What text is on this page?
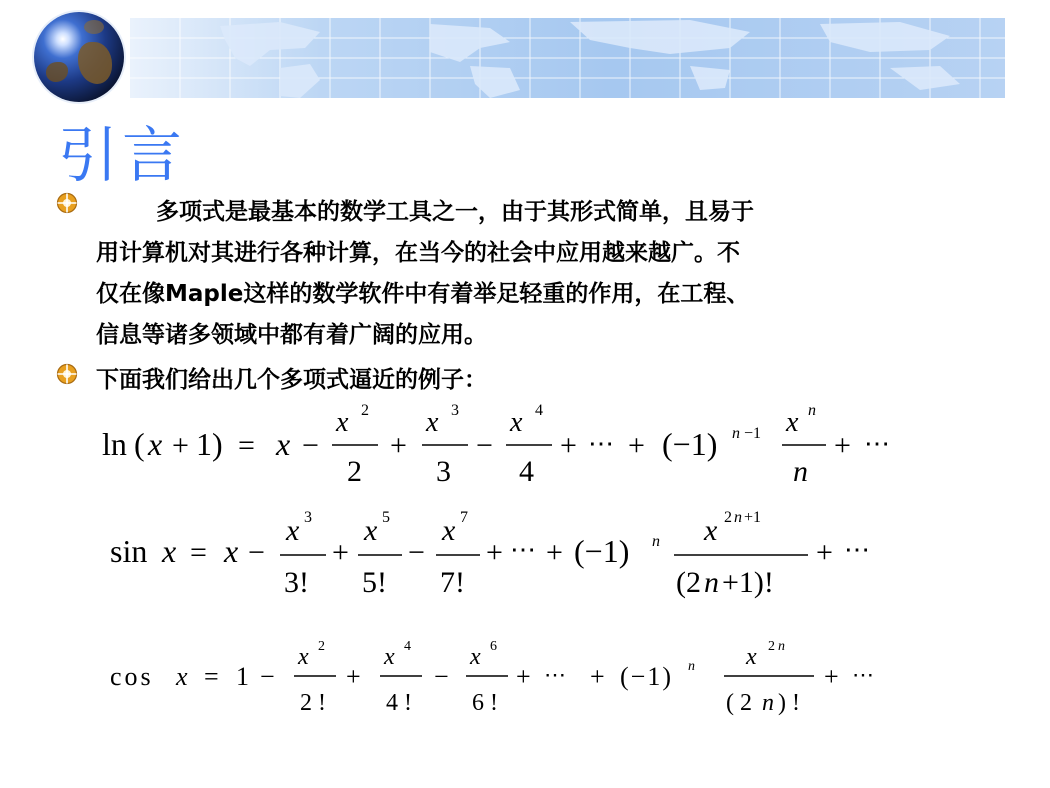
引言
多项式是最基本的数学工具之一，由于其形式简单，且易于
用计算机对其进行各种计算，在当今的社会中应用越来越广。不
仅在像Maple这样的数学软件中有着举足轻重的作用，在工程、
信息等诸多领域中都有着广阔的应用。

下面我们给出几个多项式逼近的例子：

ln ( x + 1) = x −
x 2
2
+
x 3
3
−
x 4
4
+ ⋯ + (−1) n −1 x n
n
+ ⋯
sin x = x −
x 3
3!
+
x 5
5!
−
x 7
7!
+ ⋯ + (−1) n x 2 n +1
(2 n +1)!
+ ⋯
cos x = 1 −
x 2
2 !
+
x 4
4 !
−
x 6
6 !
+ ⋯ + (−1) n x 2 n
( 2 n ) !
+ ⋯
